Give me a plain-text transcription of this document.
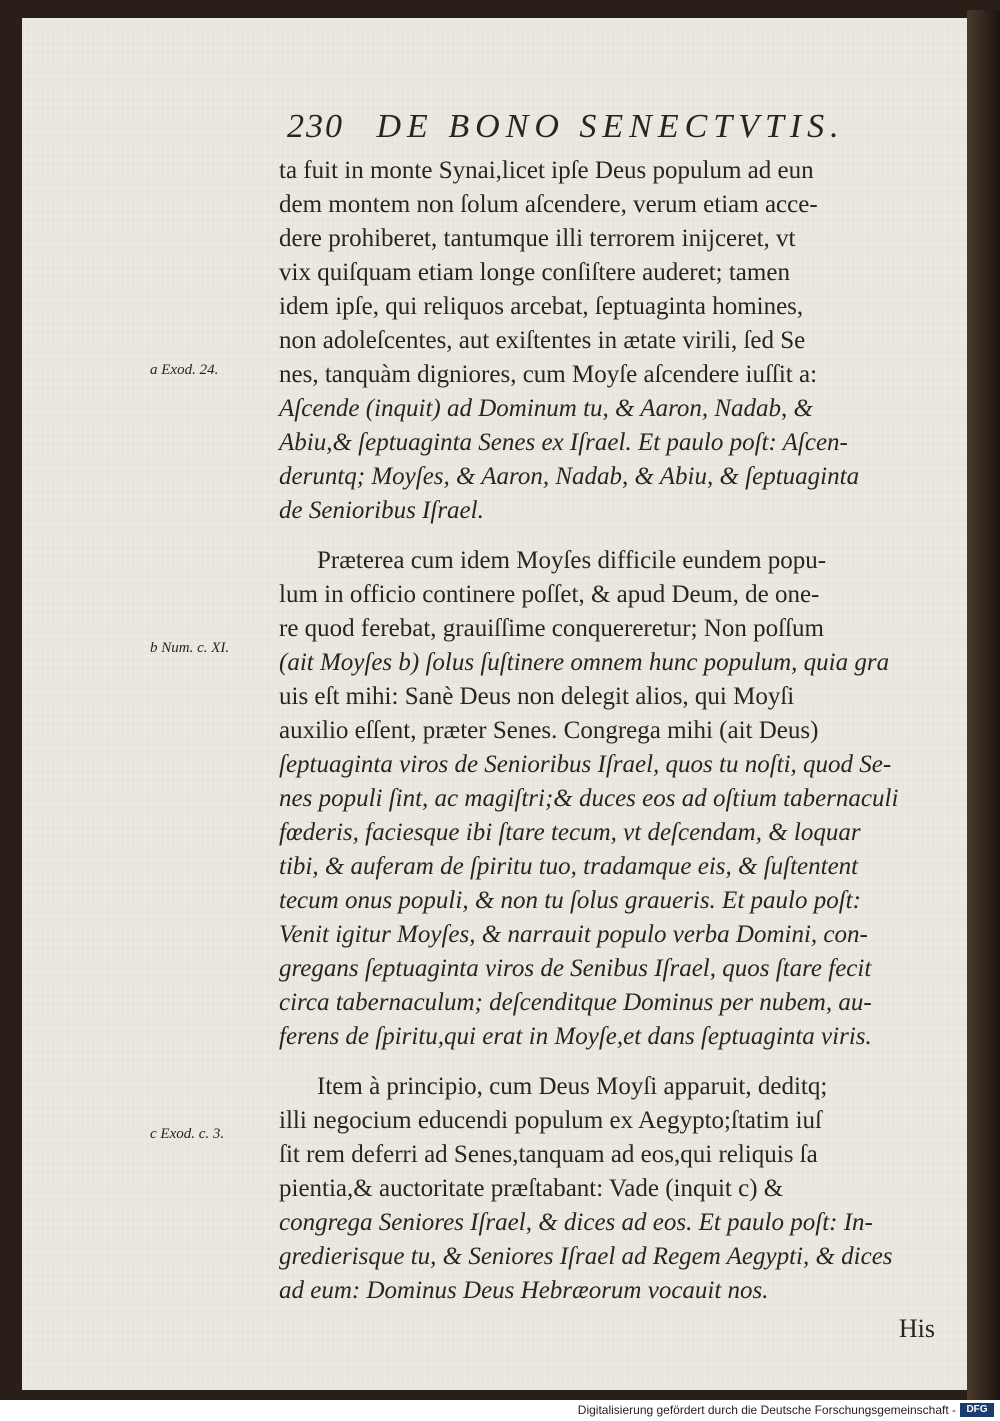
230 DE BONO SENECTVTIS.
a Exod. 24.
b Num. c. XI.
c Exod. c. 3.
ta fuit in monte Synai,licet ipſe Deus populum ad eun
dem montem non ſolum aſcendere, verum etiam acce-
dere prohiberet, tantumque illi terrorem inijceret, vt
vix quiſquam etiam longe conſiſtere auderet; tamen
idem ipſe, qui reliquos arcebat, ſeptuaginta homines,
non adoleſcentes, aut exiſtentes in ætate virili, ſed Se
nes, tanquàm digniores, cum Moyſe aſcendere iuſſit a:
Aſcende (inquit) ad Dominum tu, & Aaron, Nadab, &
Abiu,& ſeptuaginta Senes ex Iſrael. Et paulo poſt: Aſcen-
deruntq; Moyſes, & Aaron, Nadab, & Abiu, & ſeptuaginta
de Senioribus Iſrael.
Præterea cum idem Moyſes difficile eundem popu-
lum in officio continere poſſet, & apud Deum, de one-
re quod ferebat, grauiſſime conquereretur; Non poſſum
(ait Moyſes b) ſolus ſuſtinere omnem hunc populum, quia gra
uis eſt mihi: Sanè Deus non delegit alios, qui Moyſi
auxilio eſſent, præter Senes. Congrega mihi (ait Deus)
ſeptuaginta viros de Senioribus Iſrael, quos tu noſti, quod Se-
nes populi ſint, ac magiſtri;& duces eos ad oſtium tabernaculi
fœderis, faciesque ibi ſtare tecum, vt deſcendam, & loquar
tibi, & auferam de ſpiritu tuo, tradamque eis, & ſuſtentent
tecum onus populi, & non tu ſolus graueris. Et paulo poſt:
Venit igitur Moyſes, & narrauit populo verba Domini, con-
gregans ſeptuaginta viros de Senibus Iſrael, quos ſtare fecit
circa tabernaculum; deſcenditque Dominus per nubem, au-
ferens de ſpiritu,qui erat in Moyſe,et dans ſeptuaginta viris.
Item à principio, cum Deus Moyſi apparuit, deditq;
illi negocium educendi populum ex Aegypto;ſtatim iuſ
ſit rem deferri ad Senes,tanquam ad eos,qui reliquis ſa
pientia,& auctoritate præſtabant: Vade (inquit c) &
congrega Seniores Iſrael, & dices ad eos. Et paulo poſt: In-
gredierisque tu, & Seniores Iſrael ad Regem Aegypti, & dices
ad eum: Dominus Deus Hebræorum vocauit nos.
His
Digitalisierung gefördert durch die Deutsche Forschungsgemeinschaft -	DFG
